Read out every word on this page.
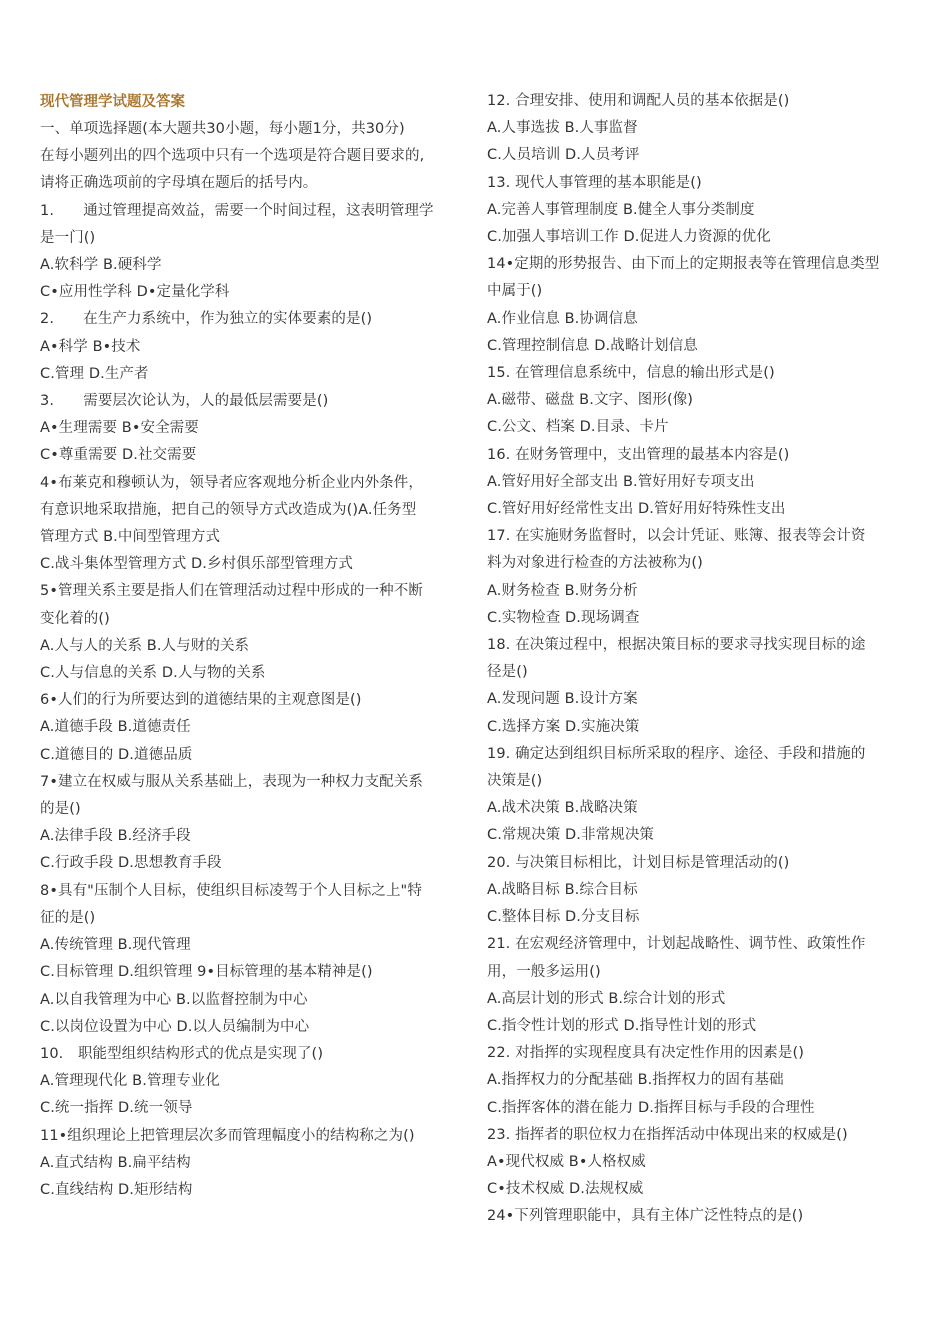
现代管理学试题及答案
一、单项选择题(本大题共30小题，每小题1分，共30分)
在每小题列出的四个选项中只有一个选项是符合题目要求的,
请将正确选项前的字母填在题后的括号内。
1.　　通过管理提高效益，需要一个时间过程，这表明管理学
是一门()
A.软科学 B.硬科学
C•应用性学科 D•定量化学科
2.　　在生产力系统中，作为独立的实体要素的是()
A•科学 B•技术
C.管理 D.生产者
3.　　需要层次论认为，人的最低层需要是()
A•生理需要 B•安全需要
C•尊重需要 D.社交需要
4•布莱克和穆顿认为，领导者应客观地分析企业内外条件，
有意识地采取措施，把自己的领导方式改造成为()A.任务型
管理方式 B.中间型管理方式
C.战斗集体型管理方式 D.乡村俱乐部型管理方式
5•管理关系主要是指人们在管理活动过程中形成的一种不断
变化着的()
A.人与人的关系 B.人与财的关系
C.人与信息的关系 D.人与物的关系
6•人们的行为所要达到的道德结果的主观意图是()
A.道德手段 B.道德责任
C.道德目的 D.道德品质
7•建立在权威与服从关系基础上，表现为一种权力支配关系
的是()
A.法律手段 B.经济手段
C.行政手段 D.思想教育手段
8•具有"压制个人目标，使组织目标凌驾于个人目标之上"特
征的是()
A.传统管理 B.现代管理
C.目标管理 D.组织管理 9•目标管理的基本精神是()
A.以自我管理为中心 B.以监督控制为中心
C.以岗位设置为中心 D.以人员编制为中心
10.　职能型组织结构形式的优点是实现了()
A.管理现代化 B.管理专业化
C.统一指挥 D.统一领导
11•组织理论上把管理层次多而管理幅度小的结构称之为()
A.直式结构 B.扁平结构
C.直线结构 D.矩形结构
12. 合理安排、使用和调配人员的基本依据是()
A.人事选拔 B.人事监督
C.人员培训 D.人员考评
13. 现代人事管理的基本职能是()
A.完善人事管理制度 B.健全人事分类制度
C.加强人事培训工作 D.促进人力资源的优化
14•定期的形势报告、由下而上的定期报表等在管理信息类型
中属于()
A.作业信息 B.协调信息
C.管理控制信息 D.战略计划信息
15. 在管理信息系统中，信息的输出形式是()
A.磁带、磁盘 B.文字、图形(像)
C.公文、档案 D.目录、卡片
16. 在财务管理中，支出管理的最基本内容是()
A.管好用好全部支出 B.管好用好专项支出
C.管好用好经常性支出 D.管好用好特殊性支出
17. 在实施财务监督时，以会计凭证、账簿、报表等会计资
料为对象进行检查的方法被称为()
A.财务检查 B.财务分析
C.实物检查 D.现场调查
18. 在决策过程中，根据决策目标的要求寻找实现目标的途
径是()
A.发现问题 B.设计方案
C.选择方案 D.实施决策
19. 确定达到组织目标所采取的程序、途径、手段和措施的
决策是()
A.战术决策 B.战略决策
C.常规决策 D.非常规决策
20. 与决策目标相比，计划目标是管理活动的()
A.战略目标 B.综合目标
C.整体目标 D.分支目标
21. 在宏观经济管理中，计划起战略性、调节性、政策性作
用，一般多运用()
A.高层计划的形式 B.综合计划的形式
C.指令性计划的形式 D.指导性计划的形式
22. 对指挥的实现程度具有决定性作用的因素是()
A.指挥权力的分配基础 B.指挥权力的固有基础
C.指挥客体的潜在能力 D.指挥目标与手段的合理性
23. 指挥者的职位权力在指挥活动中体现出来的权威是()
A•现代权威 B•人格权威
C•技术权威 D.法规权威
24•下列管理职能中，具有主体广泛性特点的是()
